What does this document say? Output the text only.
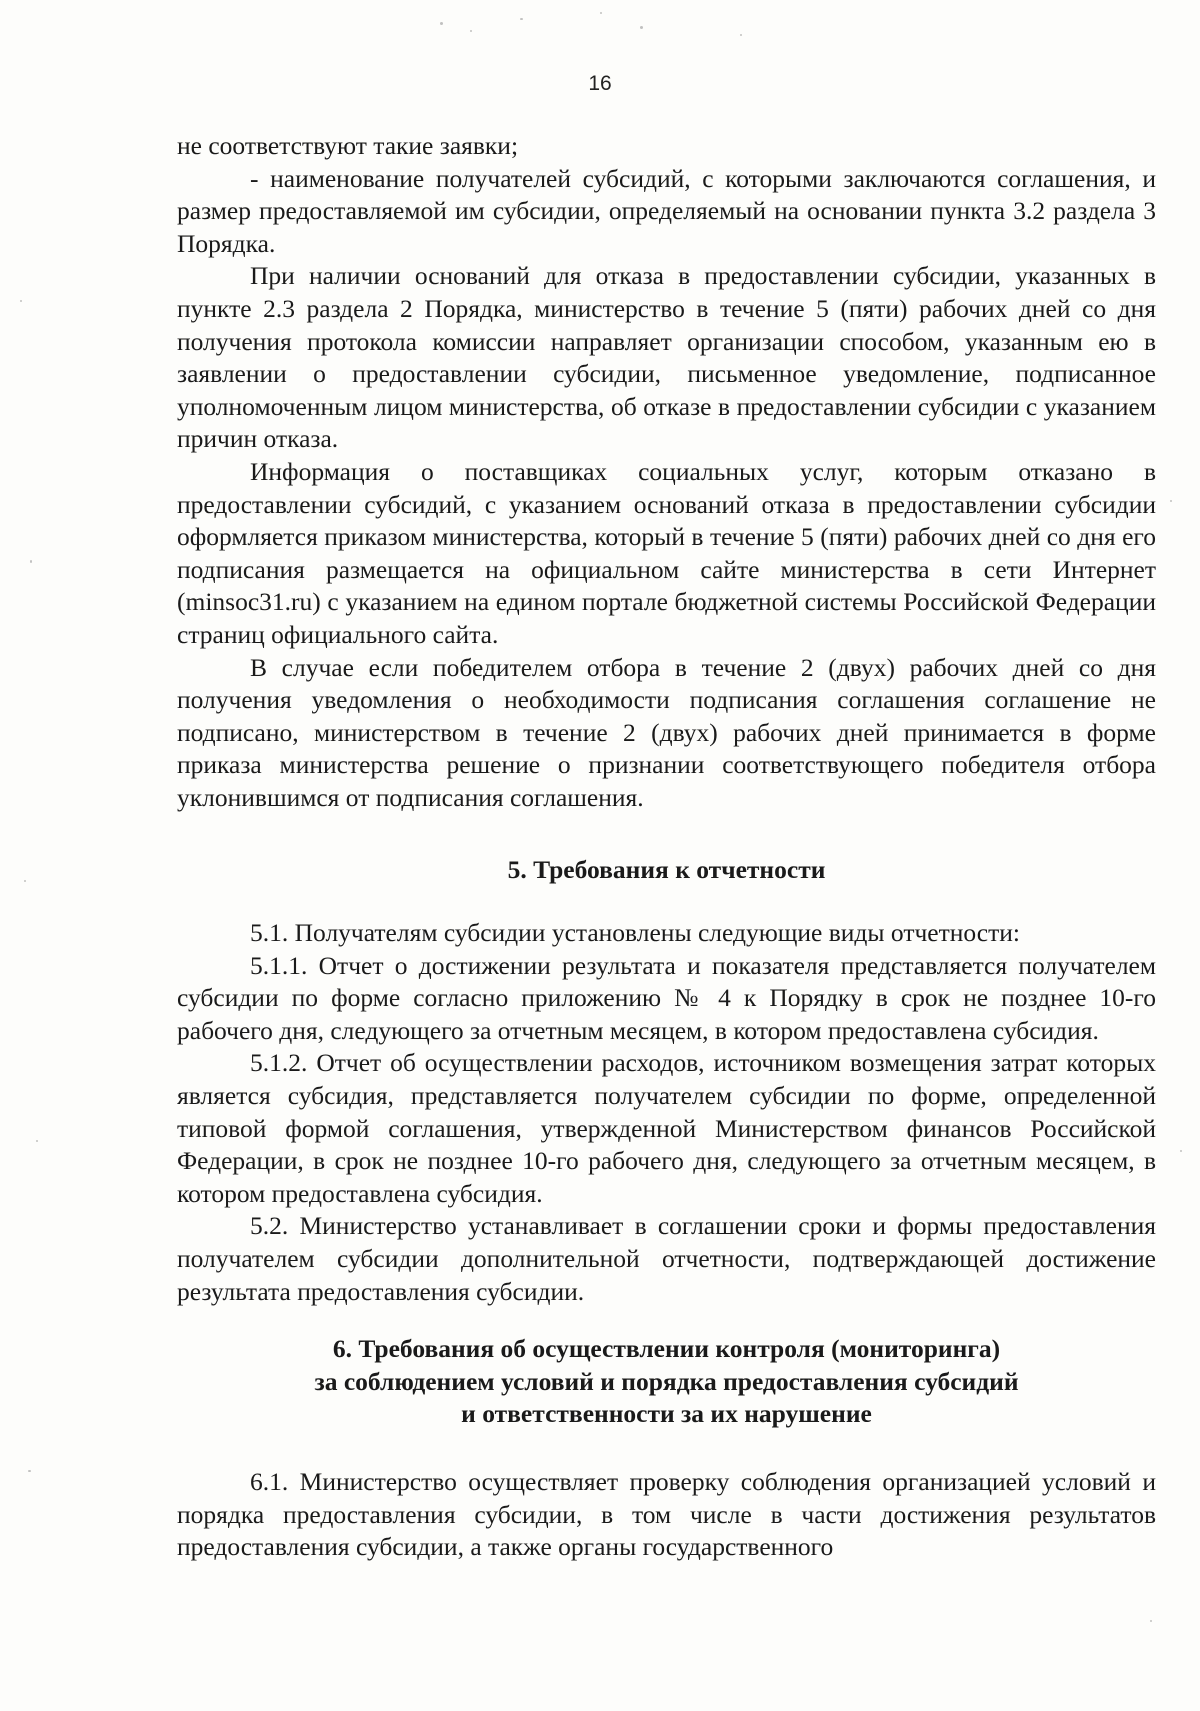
16

не соответствуют такие заявки;

- наименование получателей субсидий, с которыми заключаются соглашения, и размер предоставляемой им субсидии, определяемый на основании пункта 3.2 раздела 3 Порядка.

При наличии оснований для отказа в предоставлении субсидии, указанных в пункте 2.3 раздела 2 Порядка, министерство в течение 5 (пяти) рабочих дней со дня получения протокола комиссии направляет организации способом, указанным ею в заявлении о предоставлении субсидии, письменное уведомление, подписанное уполномоченным лицом министерства, об отказе в предоставлении субсидии с указанием причин отказа.

Информация о поставщиках социальных услуг, которым отказано в предоставлении субсидий, с указанием оснований отказа в предоставлении субсидии оформляется приказом министерства, который в течение 5 (пяти) рабочих дней со дня его подписания размещается на официальном сайте министерства в сети Интернет (minsoc31.ru) с указанием на едином портале бюджетной системы Российской Федерации страниц официального сайта.

В случае если победителем отбора в течение 2 (двух) рабочих дней со дня получения уведомления о необходимости подписания соглашения соглашение не подписано, министерством в течение 2 (двух) рабочих дней принимается в форме приказа министерства решение о признании соответствующего победителя отбора уклонившимся от подписания соглашения.

5. Требования к отчетности

5.1. Получателям субсидии установлены следующие виды отчетности:

5.1.1. Отчет о достижении результата и показателя представляется получателем субсидии по форме согласно приложению № 4 к Порядку в срок не позднее 10-го рабочего дня, следующего за отчетным месяцем, в котором предоставлена субсидия.

5.1.2. Отчет об осуществлении расходов, источником возмещения затрат которых является субсидия, представляется получателем субсидии по форме, определенной типовой формой соглашения, утвержденной Министерством финансов Российской Федерации, в срок не позднее 10-го рабочего дня, следующего за отчетным месяцем, в котором предоставлена субсидия.

5.2. Министерство устанавливает в соглашении сроки и формы предоставления получателем субсидии дополнительной отчетности, подтверждающей достижение результата предоставления субсидии.

6. Требования об осуществлении контроля (мониторинга)
за соблюдением условий и порядка предоставления субсидий
и ответственности за их нарушение

6.1. Министерство осуществляет проверку соблюдения организацией условий и порядка предоставления субсидии, в том числе в части достижения результатов предоставления субсидии, а также органы государственного
